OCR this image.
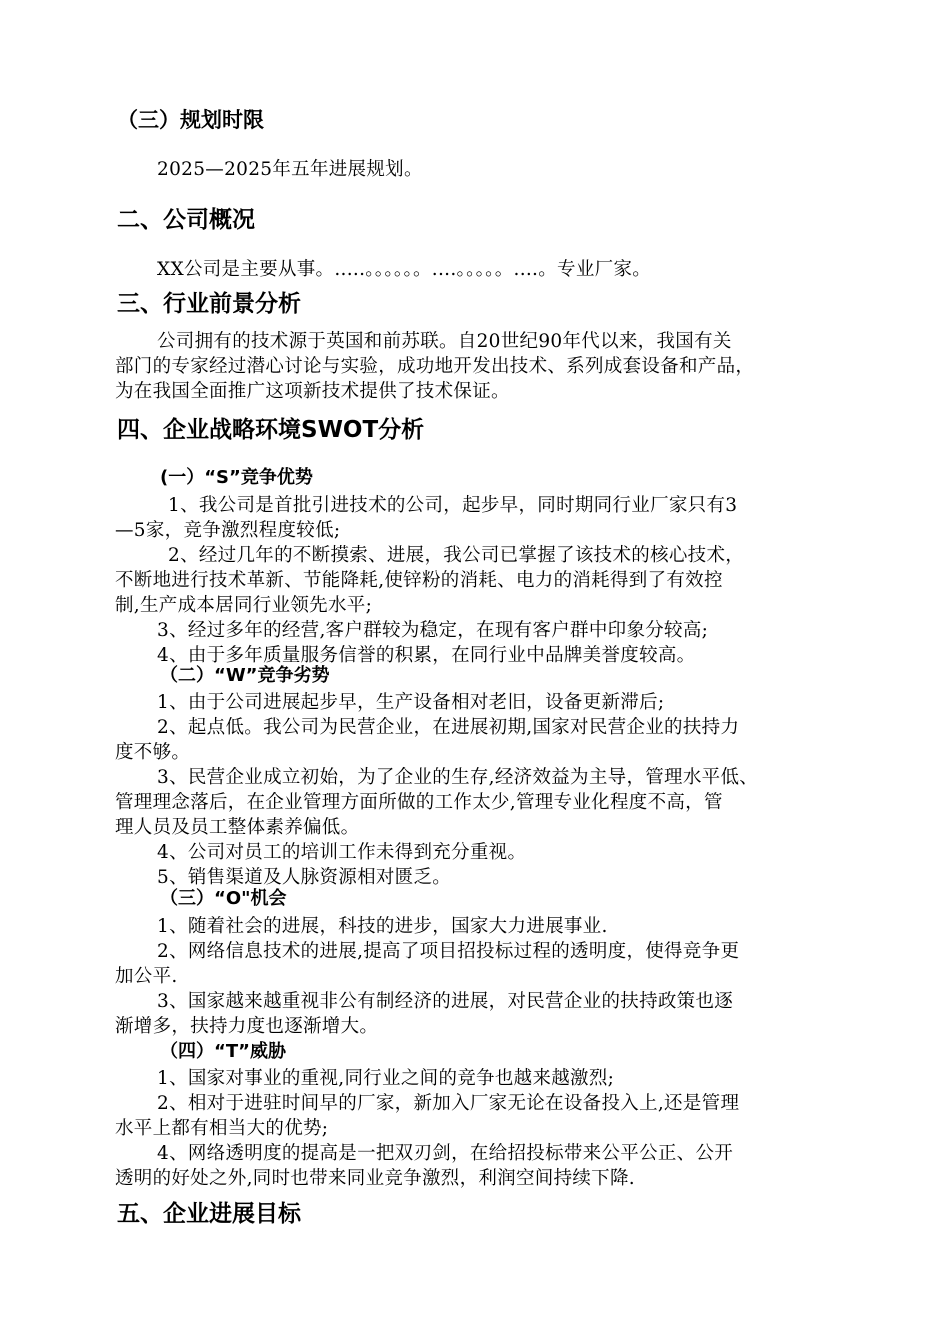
（三）规划时限
2025—2025年五年进展规划。
二、公司概况
XX公司是主要从事。.....。。。。。。....。。。。。....。专业厂家。
三、行业前景分析
公司拥有的技术源于英国和前苏联。自20世纪90年代以来，我国有关
部门的专家经过潜心讨论与实验，成功地开发出技术、系列成套设备和产品，
为在我国全面推广这项新技术提供了技术保证。
四、企业战略环境SWOT分析
(一）“S”竞争优势
1、我公司是首批引进技术的公司，起步早，同时期同行业厂家只有3
—5家，竞争激烈程度较低;
2、经过几年的不断摸索、进展，我公司已掌握了该技术的核心技术，
不断地进行技术革新、节能降耗,使锌粉的消耗、电力的消耗得到了有效控
制,生产成本居同行业领先水平;
3、经过多年的经营,客户群较为稳定，在现有客户群中印象分较高;
4、由于多年质量服务信誉的积累，在同行业中品牌美誉度较高。
（二）“W”竞争劣势
1、由于公司进展起步早，生产设备相对老旧，设备更新滞后;
2、起点低。我公司为民营企业，在进展初期,国家对民营企业的扶持力
度不够。
3、民营企业成立初始，为了企业的生存,经济效益为主导，管理水平低、
管理理念落后，在企业管理方面所做的工作太少,管理专业化程度不高，管
理人员及员工整体素养偏低。
4、公司对员工的培训工作未得到充分重视。
5、销售渠道及人脉资源相对匮乏。
（三）“O"机会
1、随着社会的进展，科技的进步，国家大力进展事业.
2、网络信息技术的进展,提高了项目招投标过程的透明度，使得竞争更
加公平.
3、国家越来越重视非公有制经济的进展，对民营企业的扶持政策也逐
渐增多，扶持力度也逐渐增大。
（四）“T”威胁
1、国家对事业的重视,同行业之间的竞争也越来越激烈;
2、相对于进驻时间早的厂家，新加入厂家无论在设备投入上,还是管理
水平上都有相当大的优势;
4、网络透明度的提高是一把双刃剑，在给招投标带来公平公正、公开
透明的好处之外,同时也带来同业竞争激烈，利润空间持续下降.
五、企业进展目标
